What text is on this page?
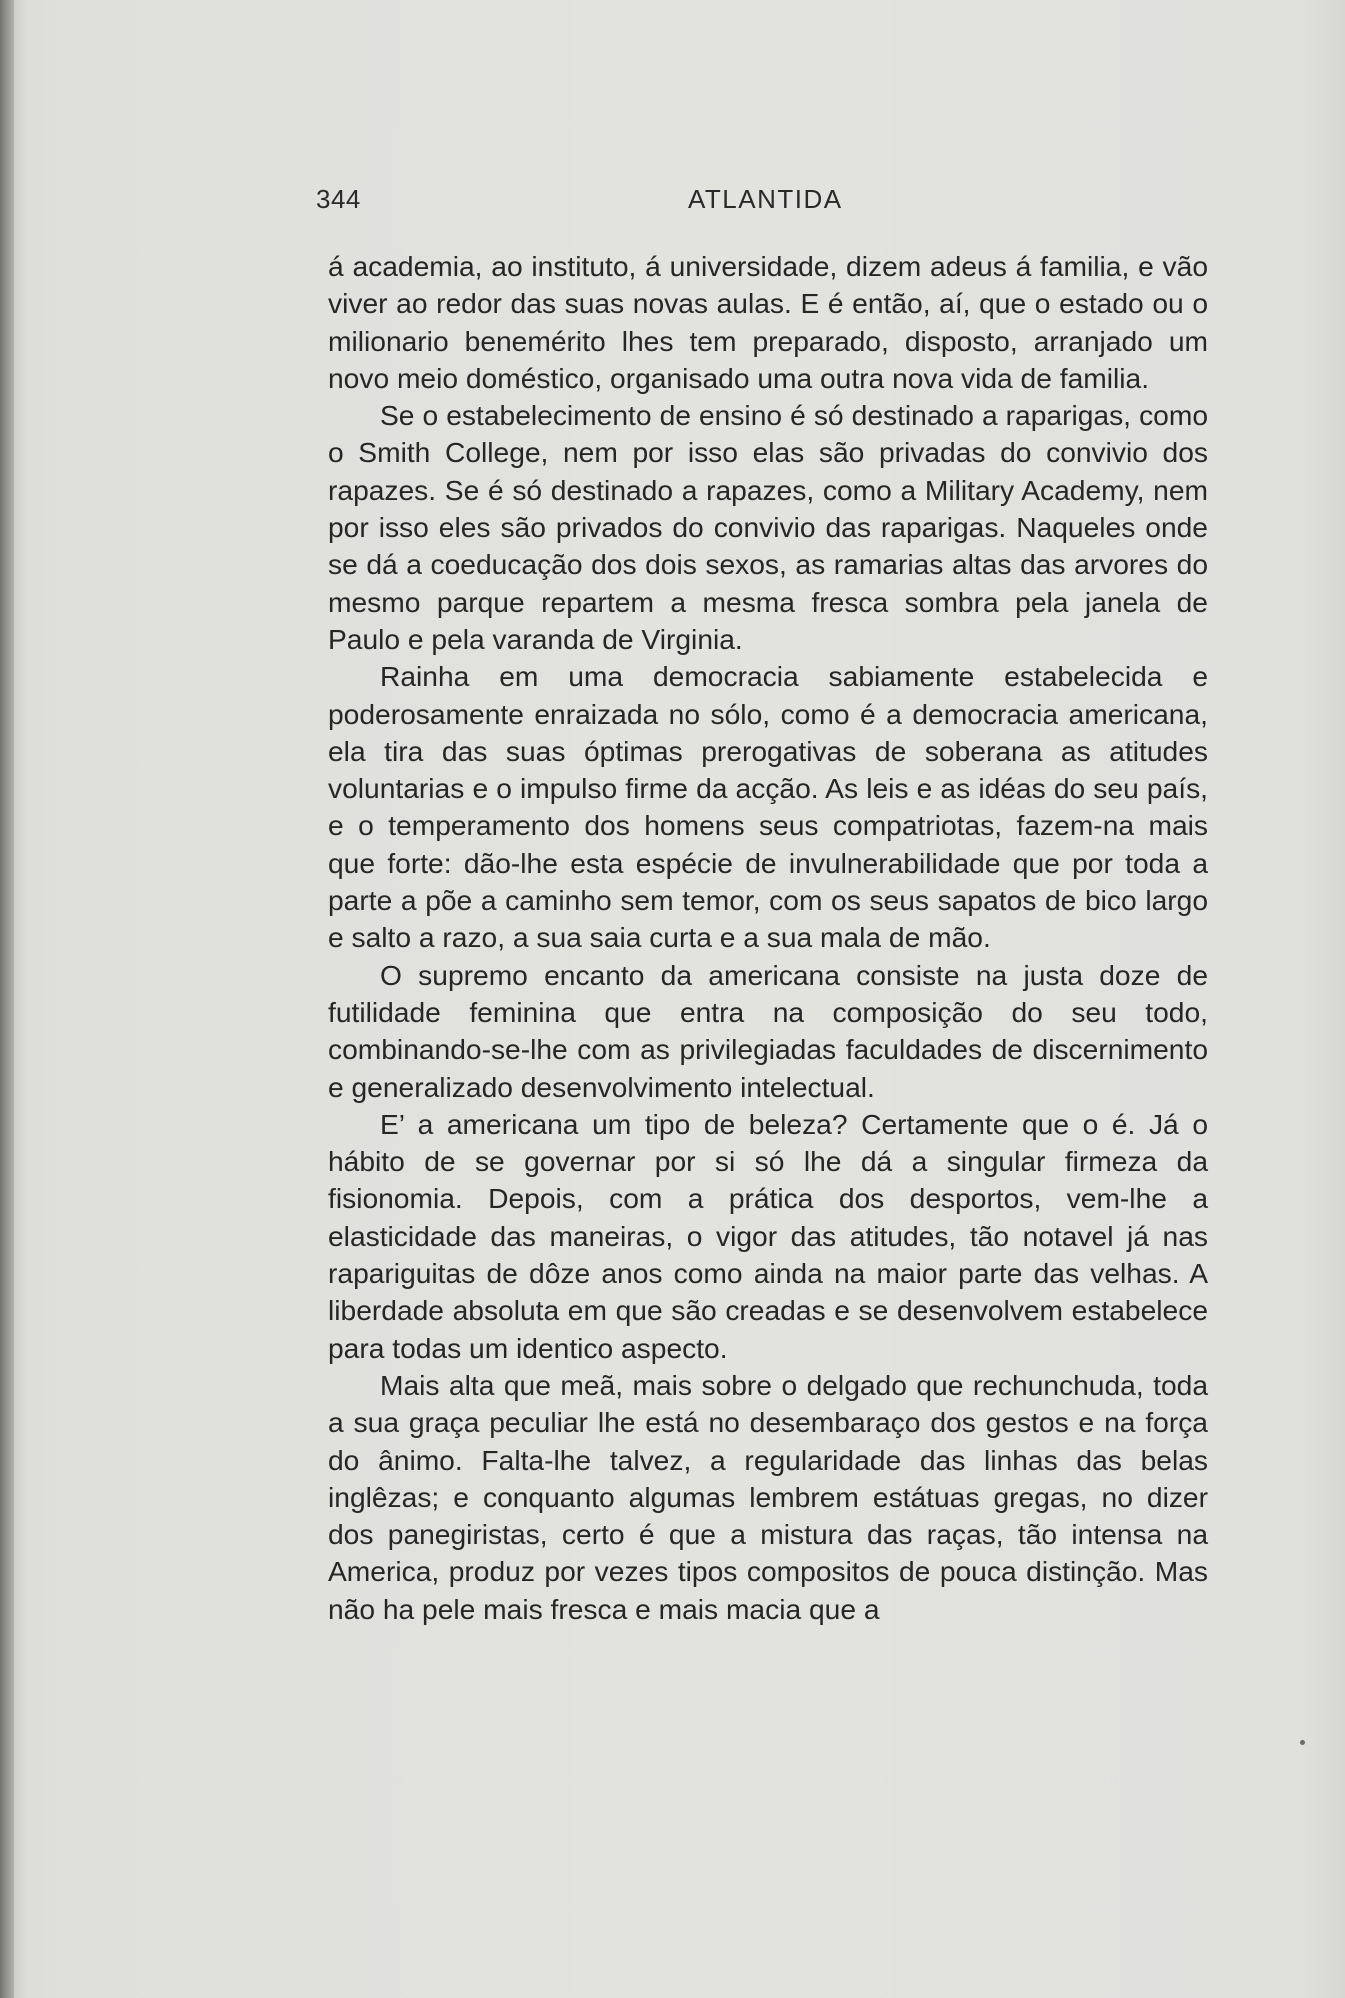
344	ATLANTIDA

á academia, ao instituto, á universidade, dizem adeus á familia, e vão viver ao redor das suas novas aulas. E é então, aí, que o estado ou o milionario benemérito lhes tem preparado, disposto, arranjado um novo meio doméstico, organisado uma outra nova vida de familia.

Se o estabelecimento de ensino é só destinado a raparigas, como o Smith College, nem por isso elas são privadas do convivio dos rapazes. Se é só destinado a rapazes, como a Military Academy, nem por isso eles são privados do convivio das raparigas. Naqueles onde se dá a coeducação dos dois sexos, as ramarias altas das arvores do mesmo parque repartem a mesma fresca sombra pela janela de Paulo e pela varanda de Virginia.

Rainha em uma democracia sabiamente estabelecida e poderosamente enraizada no sólo, como é a democracia americana, ela tira das suas óptimas prerogativas de soberana as atitudes voluntarias e o impulso firme da acção. As leis e as idéas do seu país, e o temperamento dos homens seus compatriotas, fazem-na mais que forte: dão-lhe esta espécie de invulnerabilidade que por toda a parte a põe a caminho sem temor, com os seus sapatos de bico largo e salto a razo, a sua saia curta e a sua mala de mão.

O supremo encanto da americana consiste na justa doze de futilidade feminina que entra na composição do seu todo, combinando-se-lhe com as privilegiadas faculdades de discernimento e generalizado desenvolvimento intelectual.

E’ a americana um tipo de beleza? Certamente que o é. Já o hábito de se governar por si só lhe dá a singular firmeza da fisionomia. Depois, com a prática dos desportos, vem-lhe a elasticidade das maneiras, o vigor das atitudes, tão notavel já nas rapariguitas de dôze anos como ainda na maior parte das velhas. A liberdade absoluta em que são creadas e se desenvolvem estabelece para todas um identico aspecto.

Mais alta que meã, mais sobre o delgado que rechunchuda, toda a sua graça peculiar lhe está no desembaraço dos gestos e na força do ânimo. Falta-lhe talvez, a regularidade das linhas das belas inglêzas; e conquanto algumas lembrem estátuas gregas, no dizer dos panegiristas, certo é que a mistura das raças, tão intensa na America, produz por vezes tipos compositos de pouca distinção. Mas não ha pele mais fresca e mais macia que a
